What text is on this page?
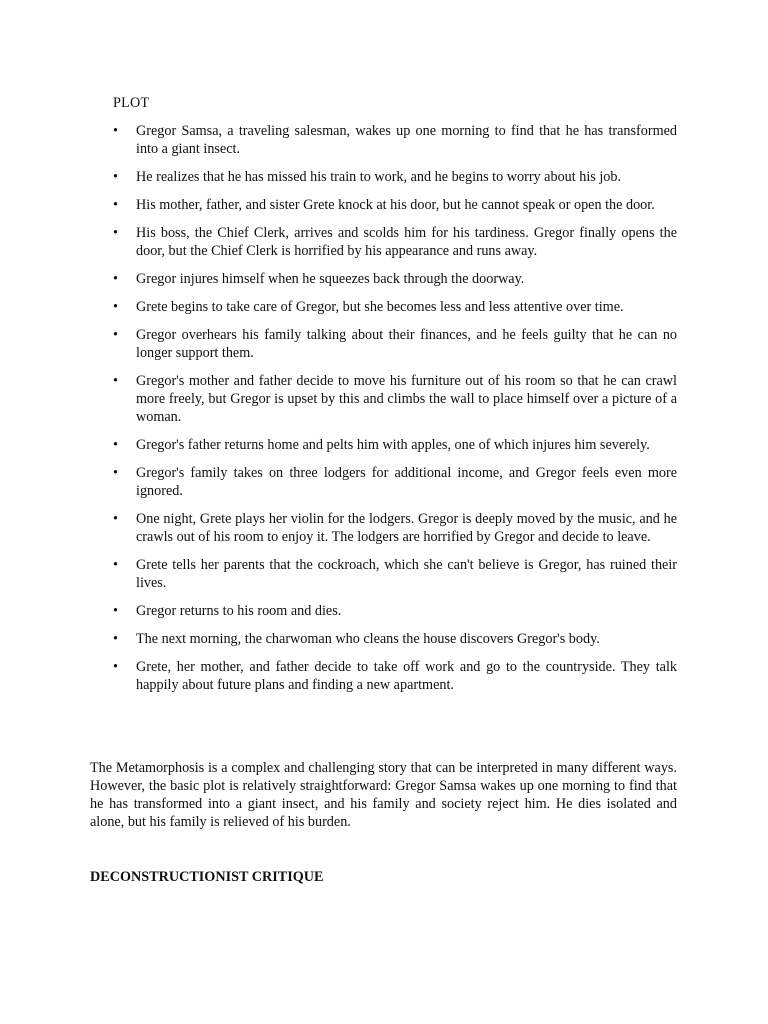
PLOT
•	Gregor Samsa, a traveling salesman, wakes up one morning to find that he has transformed into a giant insect.
•	He realizes that he has missed his train to work, and he begins to worry about his job.
•	His mother, father, and sister Grete knock at his door, but he cannot speak or open the door.
•	His boss, the Chief Clerk, arrives and scolds him for his tardiness. Gregor finally opens the door, but the Chief Clerk is horrified by his appearance and runs away.
•	Gregor injures himself when he squeezes back through the doorway.
•	Grete begins to take care of Gregor, but she becomes less and less attentive over time.
•	Gregor overhears his family talking about their finances, and he feels guilty that he can no longer support them.
•	Gregor's mother and father decide to move his furniture out of his room so that he can crawl more freely, but Gregor is upset by this and climbs the wall to place himself over a picture of a woman.
•	Gregor's father returns home and pelts him with apples, one of which injures him severely.
•	Gregor's family takes on three lodgers for additional income, and Gregor feels even more ignored.
•	One night, Grete plays her violin for the lodgers. Gregor is deeply moved by the music, and he crawls out of his room to enjoy it. The lodgers are horrified by Gregor and decide to leave.
•	Grete tells her parents that the cockroach, which she can't believe is Gregor, has ruined their lives.
•	Gregor returns to his room and dies.
•	The next morning, the charwoman who cleans the house discovers Gregor's body.
•	Grete, her mother, and father decide to take off work and go to the countryside. They talk happily about future plans and finding a new apartment.

The Metamorphosis is a complex and challenging story that can be interpreted in many different ways. However, the basic plot is relatively straightforward: Gregor Samsa wakes up one morning to find that he has transformed into a giant insect, and his family and society reject him. He dies isolated and alone, but his family is relieved of his burden.

DECONSTRUCTIONIST CRITIQUE
